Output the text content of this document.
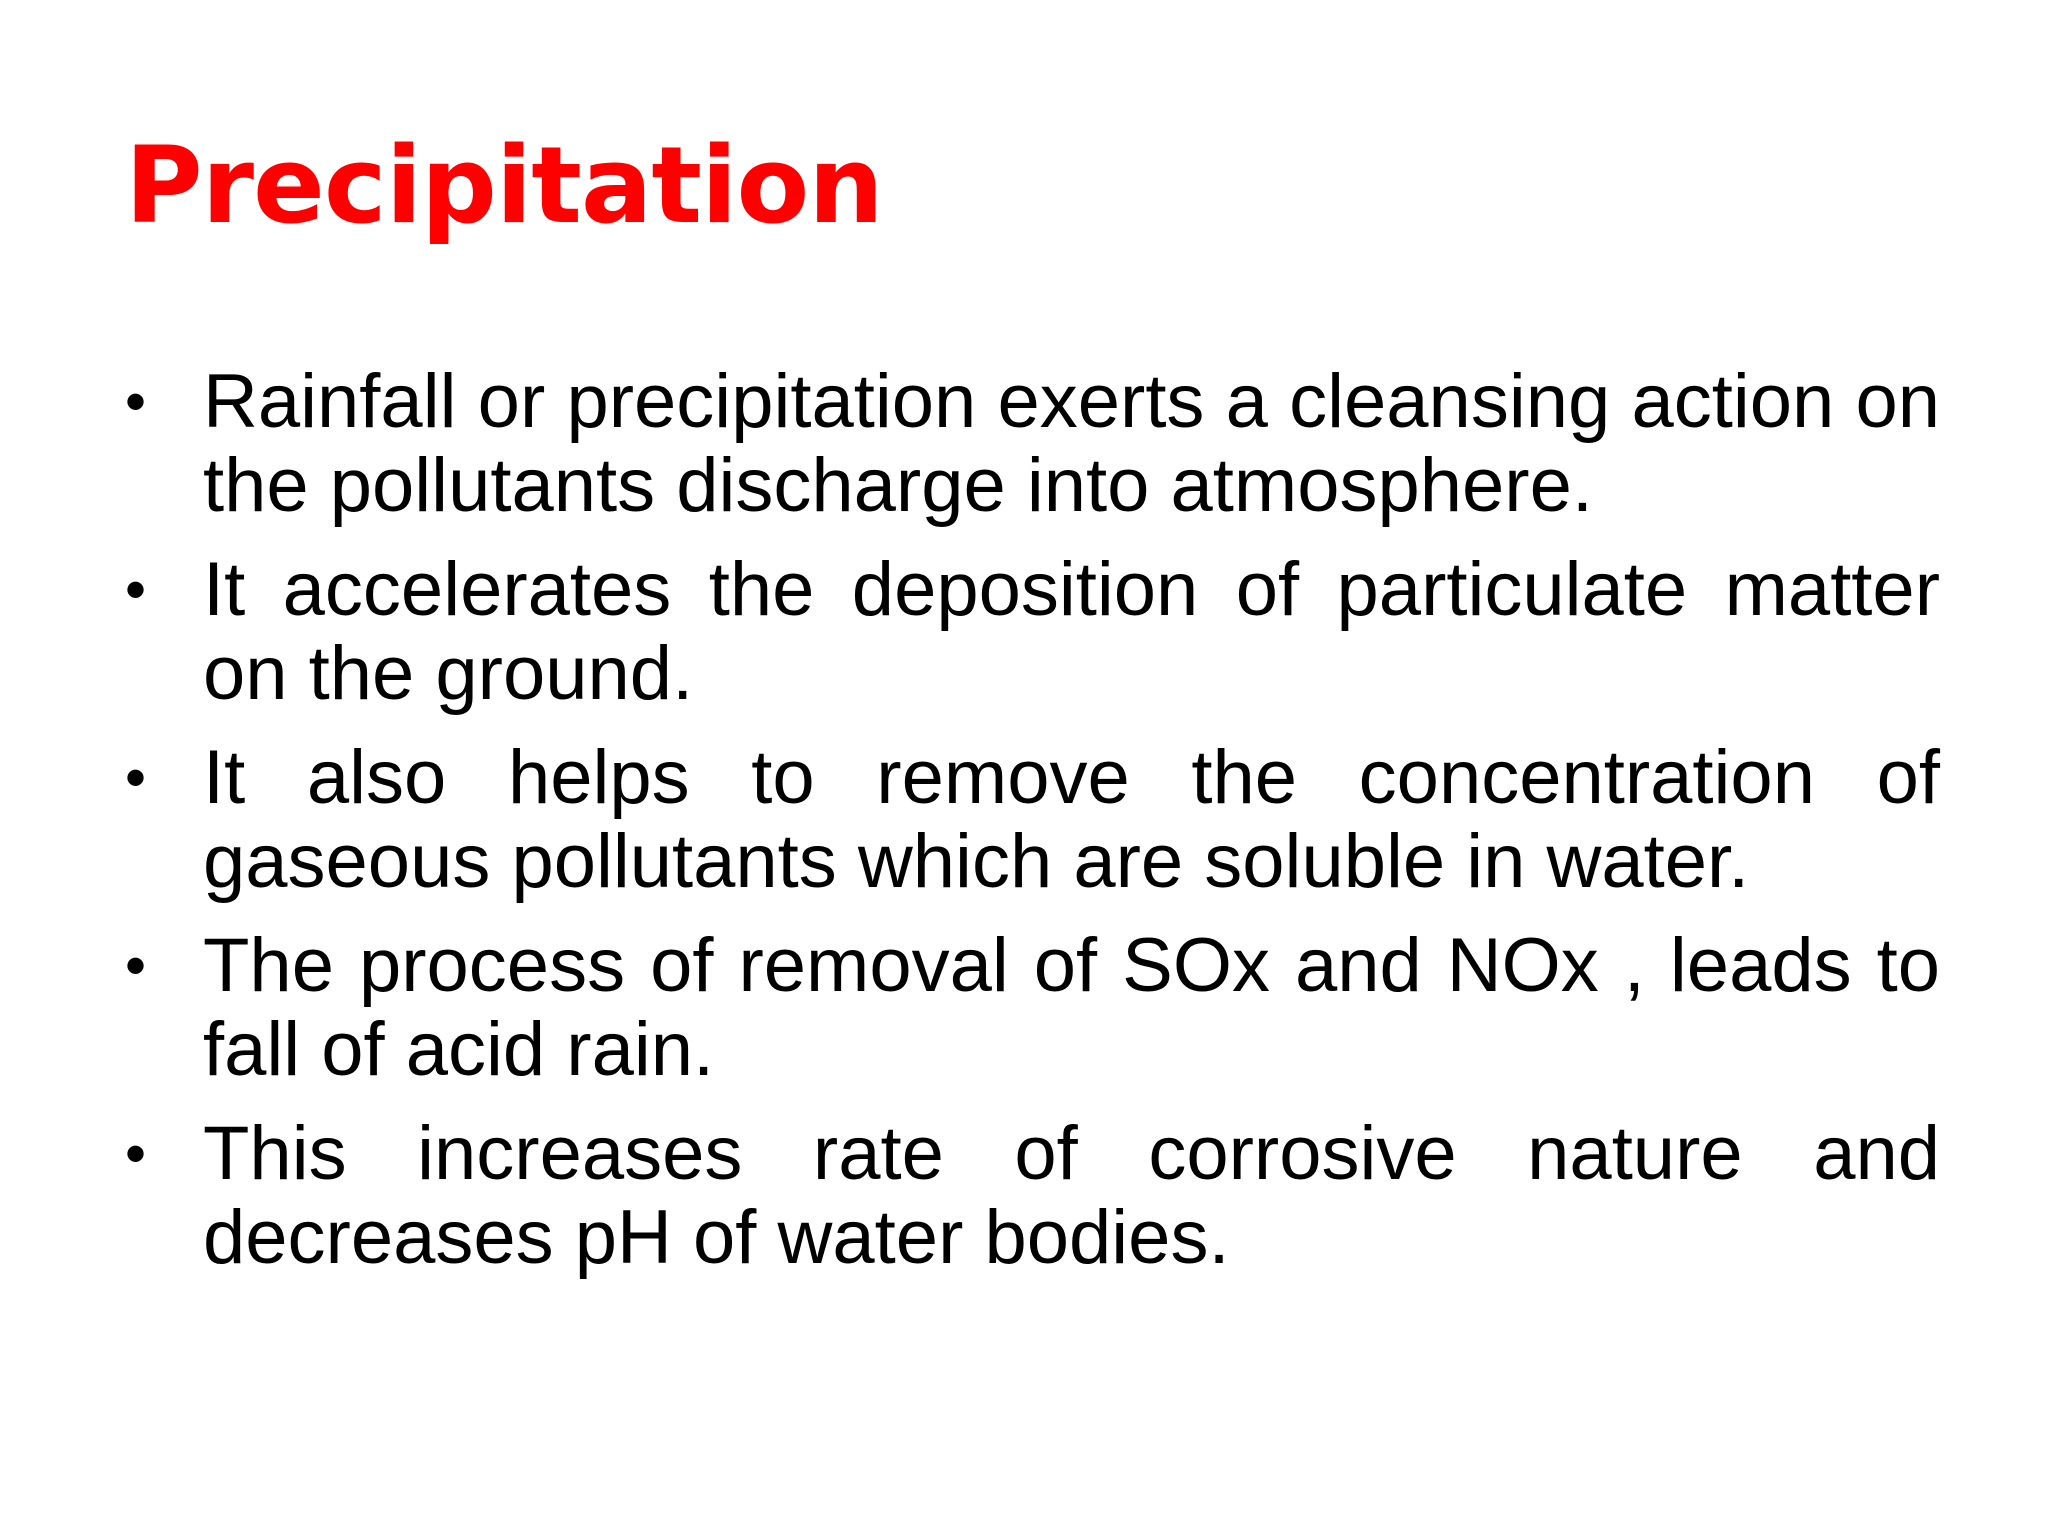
Precipitation
• Rainfall or precipitation exerts a cleansing action on the pollutants discharge into atmosphere.
• It accelerates the deposition of particulate matter on the ground.
• It also helps to remove the concentration of gaseous pollutants which are soluble in water.
• The process of removal of SOx and NOx , leads to fall of acid rain.
• This increases rate of corrosive nature and decreases pH of water bodies.
